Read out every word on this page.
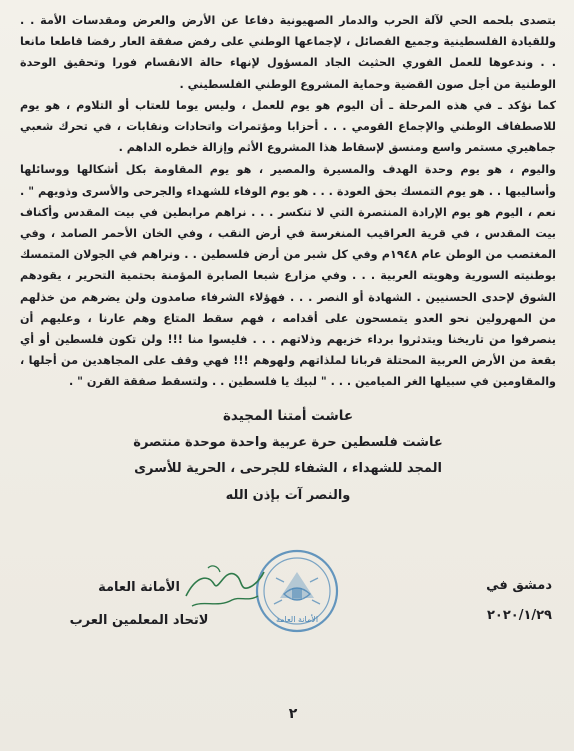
بتصدى بلحمه الحي لآلة الحرب والدمار الصهيونية دفاعا عن الأرض والعرض ومقدسات الأمة . . وللقيادة الفلسطينية وجميع الفصائل ، لإجماعها الوطني على رفض صفقة العار رفضا قاطعا مانعا . . وندعوها للعمل الفوري الحثيث الجاد المسؤول لإنهاء حالة الانقسام فورا وتحقيق الوحدة الوطنية من أجل صون القضية وحماية المشروع الوطني الفلسطيني .

كما نؤكد ـ في هذه المرحلة ـ أن اليوم هو يوم للعمل ، وليس يوما للعتاب أو التلاوم ، هو يوم للاصطفاف الوطني والإجماع القومي . . . أحزابا ومؤتمرات واتحادات ونقابات ، في تحرك شعبي جماهيري مستمر واسع ومنسق لإسقاط هذا المشروع الأثم وإزالة خطره الداهم .

واليوم ، هو يوم وحدة الهدف والمسيرة والمصير ، هو يوم المقاومة بكل أشكالها ووسائلها وأساليبها . . هو يوم التمسك بحق العودة . . . هو يوم الوفاء للشهداء والجرحى والأسرى وذويهم " . نعم ، اليوم هو يوم الإرادة المنتصرة التي لا تنكسر . . . نراهم مرابطين في بيت المقدس وأكناف بيت المقدس ، في قرية العراقيب المنغرسة في أرض النقب ، وفي الخان الأحمر الصامد ، وفي المغتصب من الوطن عام ١٩٤٨م وفي كل شبر من أرض فلسطين . . ونراهم في الجولان المتمسك بوطنيته السورية وهويته العربية . . . وفي مزارع شبعا الصابرة المؤمنة بحتمية التحرير ، يقودهم الشوق لإحدى الحسنيين . الشهادة أو النصر . . . فهؤلاء الشرفاء صامدون ولن يضرهم من خذلهم من المهرولين نحو العدو يتمسحون على أقدامه ، فهم سقط المتاع وهم عارنا ، وعليهم أن ينصرفوا من تاريخنا ويتدثروا برداء خزيهم وذلاتهم . . . فليسوا منا !!! ولن تكون فلسطين أو أي بقعة من الأرض العربية المحتلة قربانا لملذاتهم ولهوهم !!! فهي وقف على المجاهدين من أجلها ، والمقاومين في سبيلها الغر الميامين . . . " لبيك يا فلسطين . . ولتسقط صفقة القرن " .

عاشت أمتنا المجيدة
عاشت فلسطين حرة عربية واحدة موحدة منتصرة
المجد للشهداء ، الشفاء للجرحى ، الحرية للأسرى
والنصر آت بإذن الله
دمشق في
٢٠٢٠/١/٢٩
الأمانة العامة
الأمانة العامة
لاتحاد المعلمين العرب
٢
